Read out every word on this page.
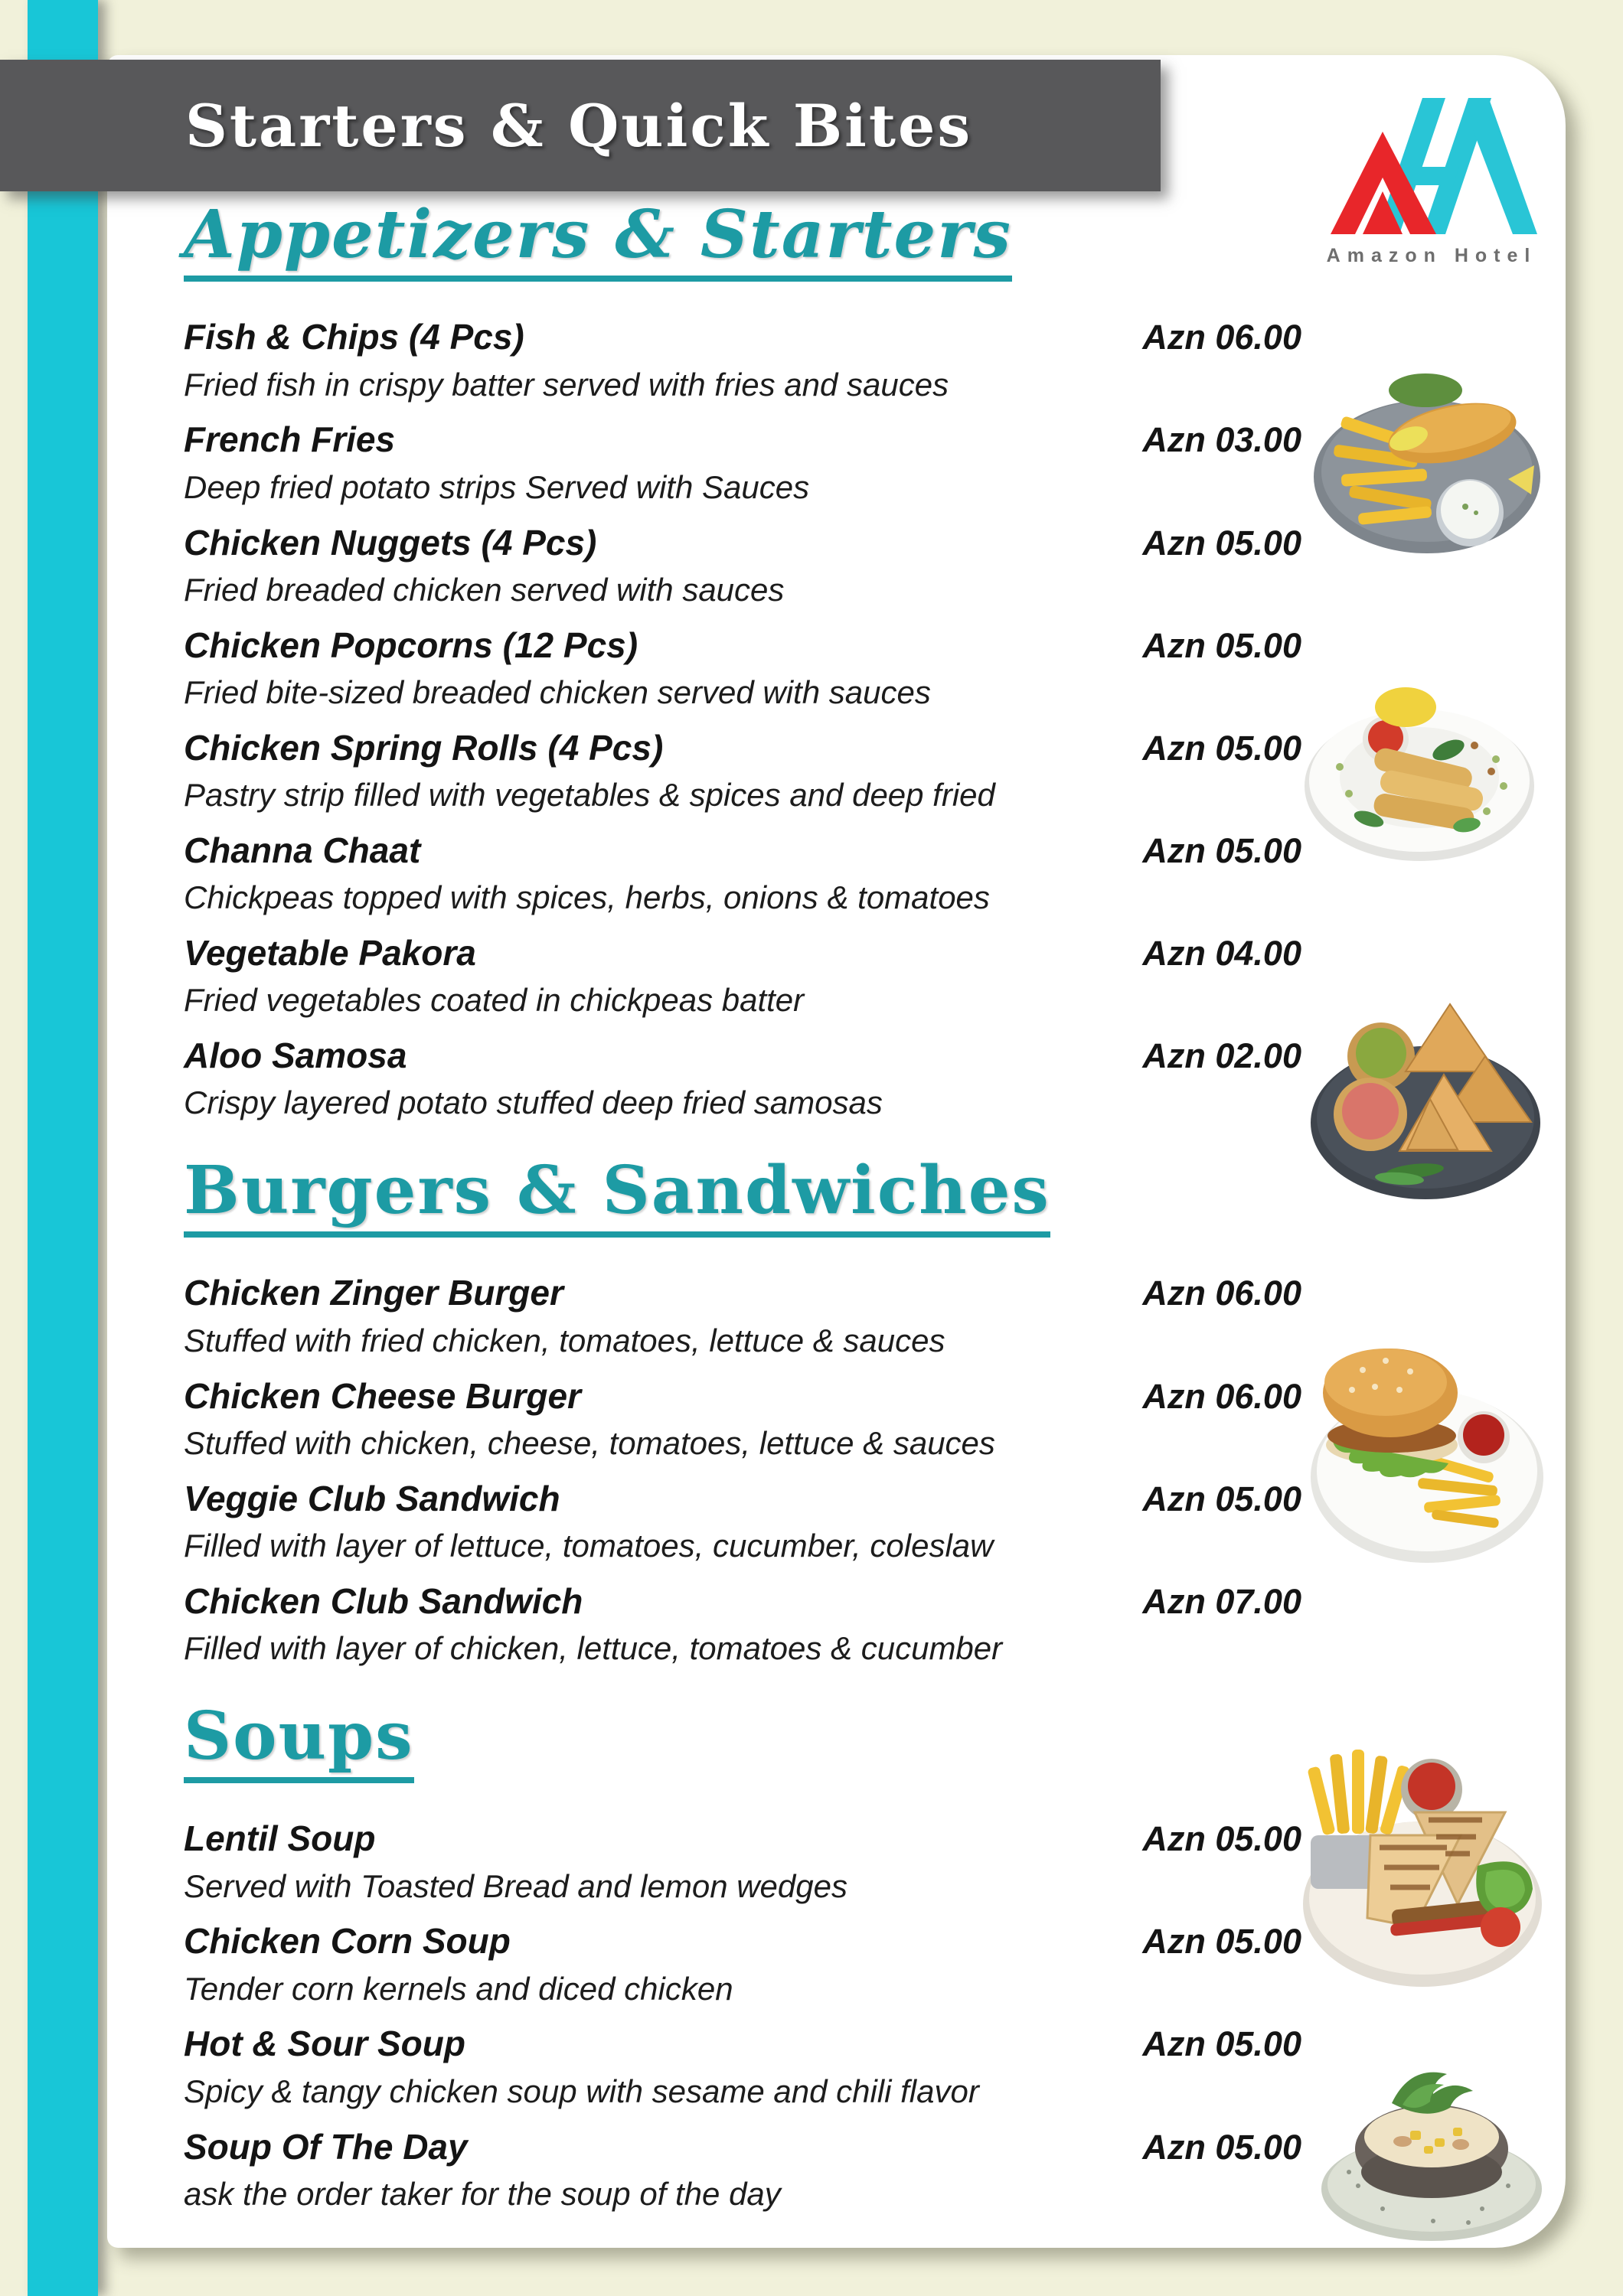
Starters & Quick Bites
Amazon Hotel
Appetizers & Starters
Fish & Chips (4 Pcs)	Azn 06.00
Fried fish in crispy batter served with fries and sauces
French Fries	Azn 03.00
Deep fried potato strips Served with Sauces
Chicken Nuggets (4 Pcs)	Azn 05.00
Fried breaded chicken served with sauces
Chicken Popcorns (12 Pcs)	Azn 05.00
Fried bite-sized breaded chicken served with sauces
Chicken Spring Rolls (4 Pcs)	Azn 05.00
Pastry strip filled with vegetables & spices and deep fried
Channa Chaat	Azn 05.00
Chickpeas topped with spices, herbs, onions & tomatoes
Vegetable Pakora	Azn 04.00
Fried vegetables coated in chickpeas batter
Aloo Samosa	Azn 02.00
Crispy layered potato stuffed deep fried samosas
Burgers & Sandwiches
Chicken Zinger Burger	Azn 06.00
Stuffed with fried chicken, tomatoes, lettuce & sauces
Chicken Cheese Burger	Azn 06.00
Stuffed with chicken, cheese, tomatoes, lettuce & sauces
Veggie Club Sandwich	Azn 05.00
Filled with layer of lettuce, tomatoes, cucumber, coleslaw
Chicken Club Sandwich	Azn 07.00
Filled with layer of chicken, lettuce, tomatoes & cucumber
Soups
Lentil Soup	Azn 05.00
Served with Toasted Bread and lemon wedges
Chicken Corn Soup	Azn 05.00
Tender corn kernels and diced chicken
Hot & Sour Soup	Azn 05.00
Spicy & tangy chicken soup with sesame and chili flavor
Soup Of The Day	Azn 05.00
ask the order taker for the soup of the day
